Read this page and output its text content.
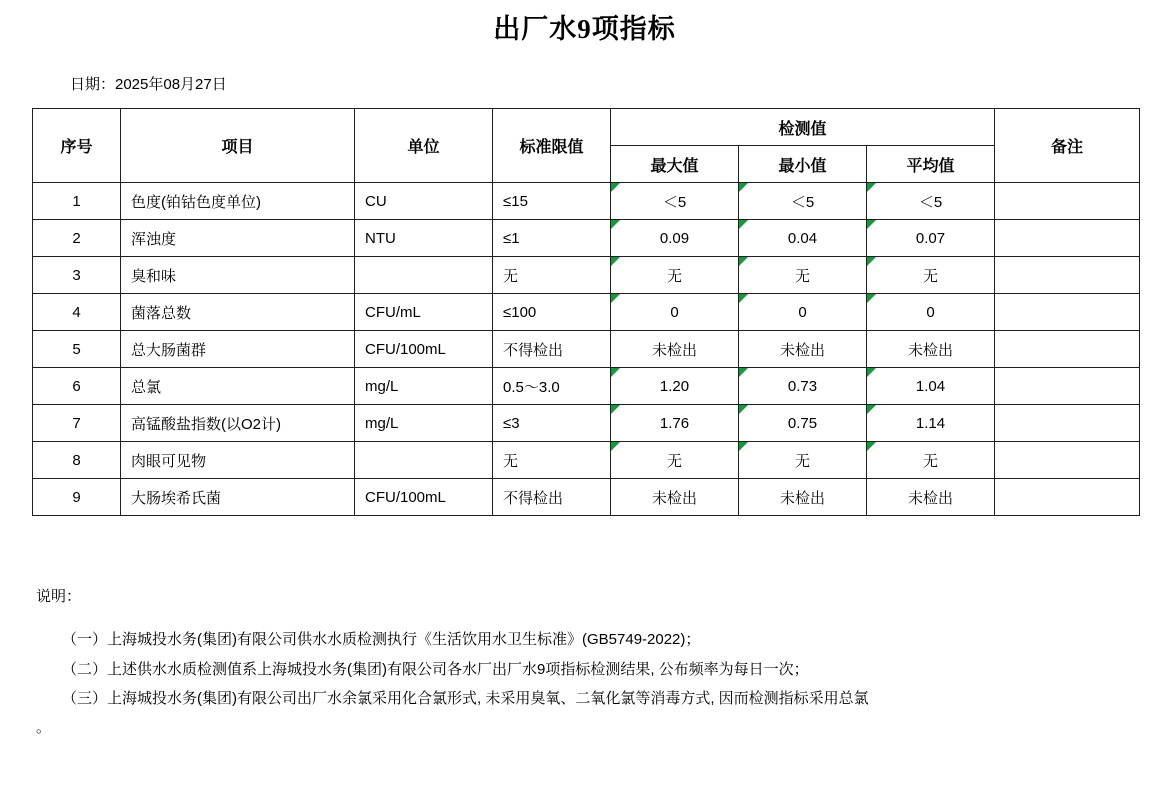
出厂水9项指标
日期：2025年08月27日
序号	项目	单位	标准限值	检测值			备注
				最大值	最小值	平均值	
1	色度(铂钴色度单位)	CU	≤15	＜5	＜5	＜5	
2	浑浊度	NTU	≤1	0.09	0.04	0.07	
3	臭和味		无	无	无	无	
4	菌落总数	CFU/mL	≤100	0	0	0	
5	总大肠菌群	CFU/100mL	不得检出	未检出	未检出	未检出	
6	总氯	mg/L	0.5～3.0	1.20	0.73	1.04	
7	高锰酸盐指数(以O2计)	mg/L	≤3	1.76	0.75	1.14	
8	肉眼可见物		无	无	无	无	
9	大肠埃希氏菌	CFU/100mL	不得检出	未检出	未检出	未检出	
说明：

（一）上海城投水务(集团)有限公司供水水质检测执行《生活饮用水卫生标准》(GB5749-2022)；

（二）上述供水水质检测值系上海城投水务(集团)有限公司各水厂出厂水9项指标检测结果, 公布频率为每日一次；

（三）上海城投水务(集团)有限公司出厂水余氯采用化合氯形式, 未采用臭氧、二氧化氯等消毒方式, 因而检测指标采用总氯

。
